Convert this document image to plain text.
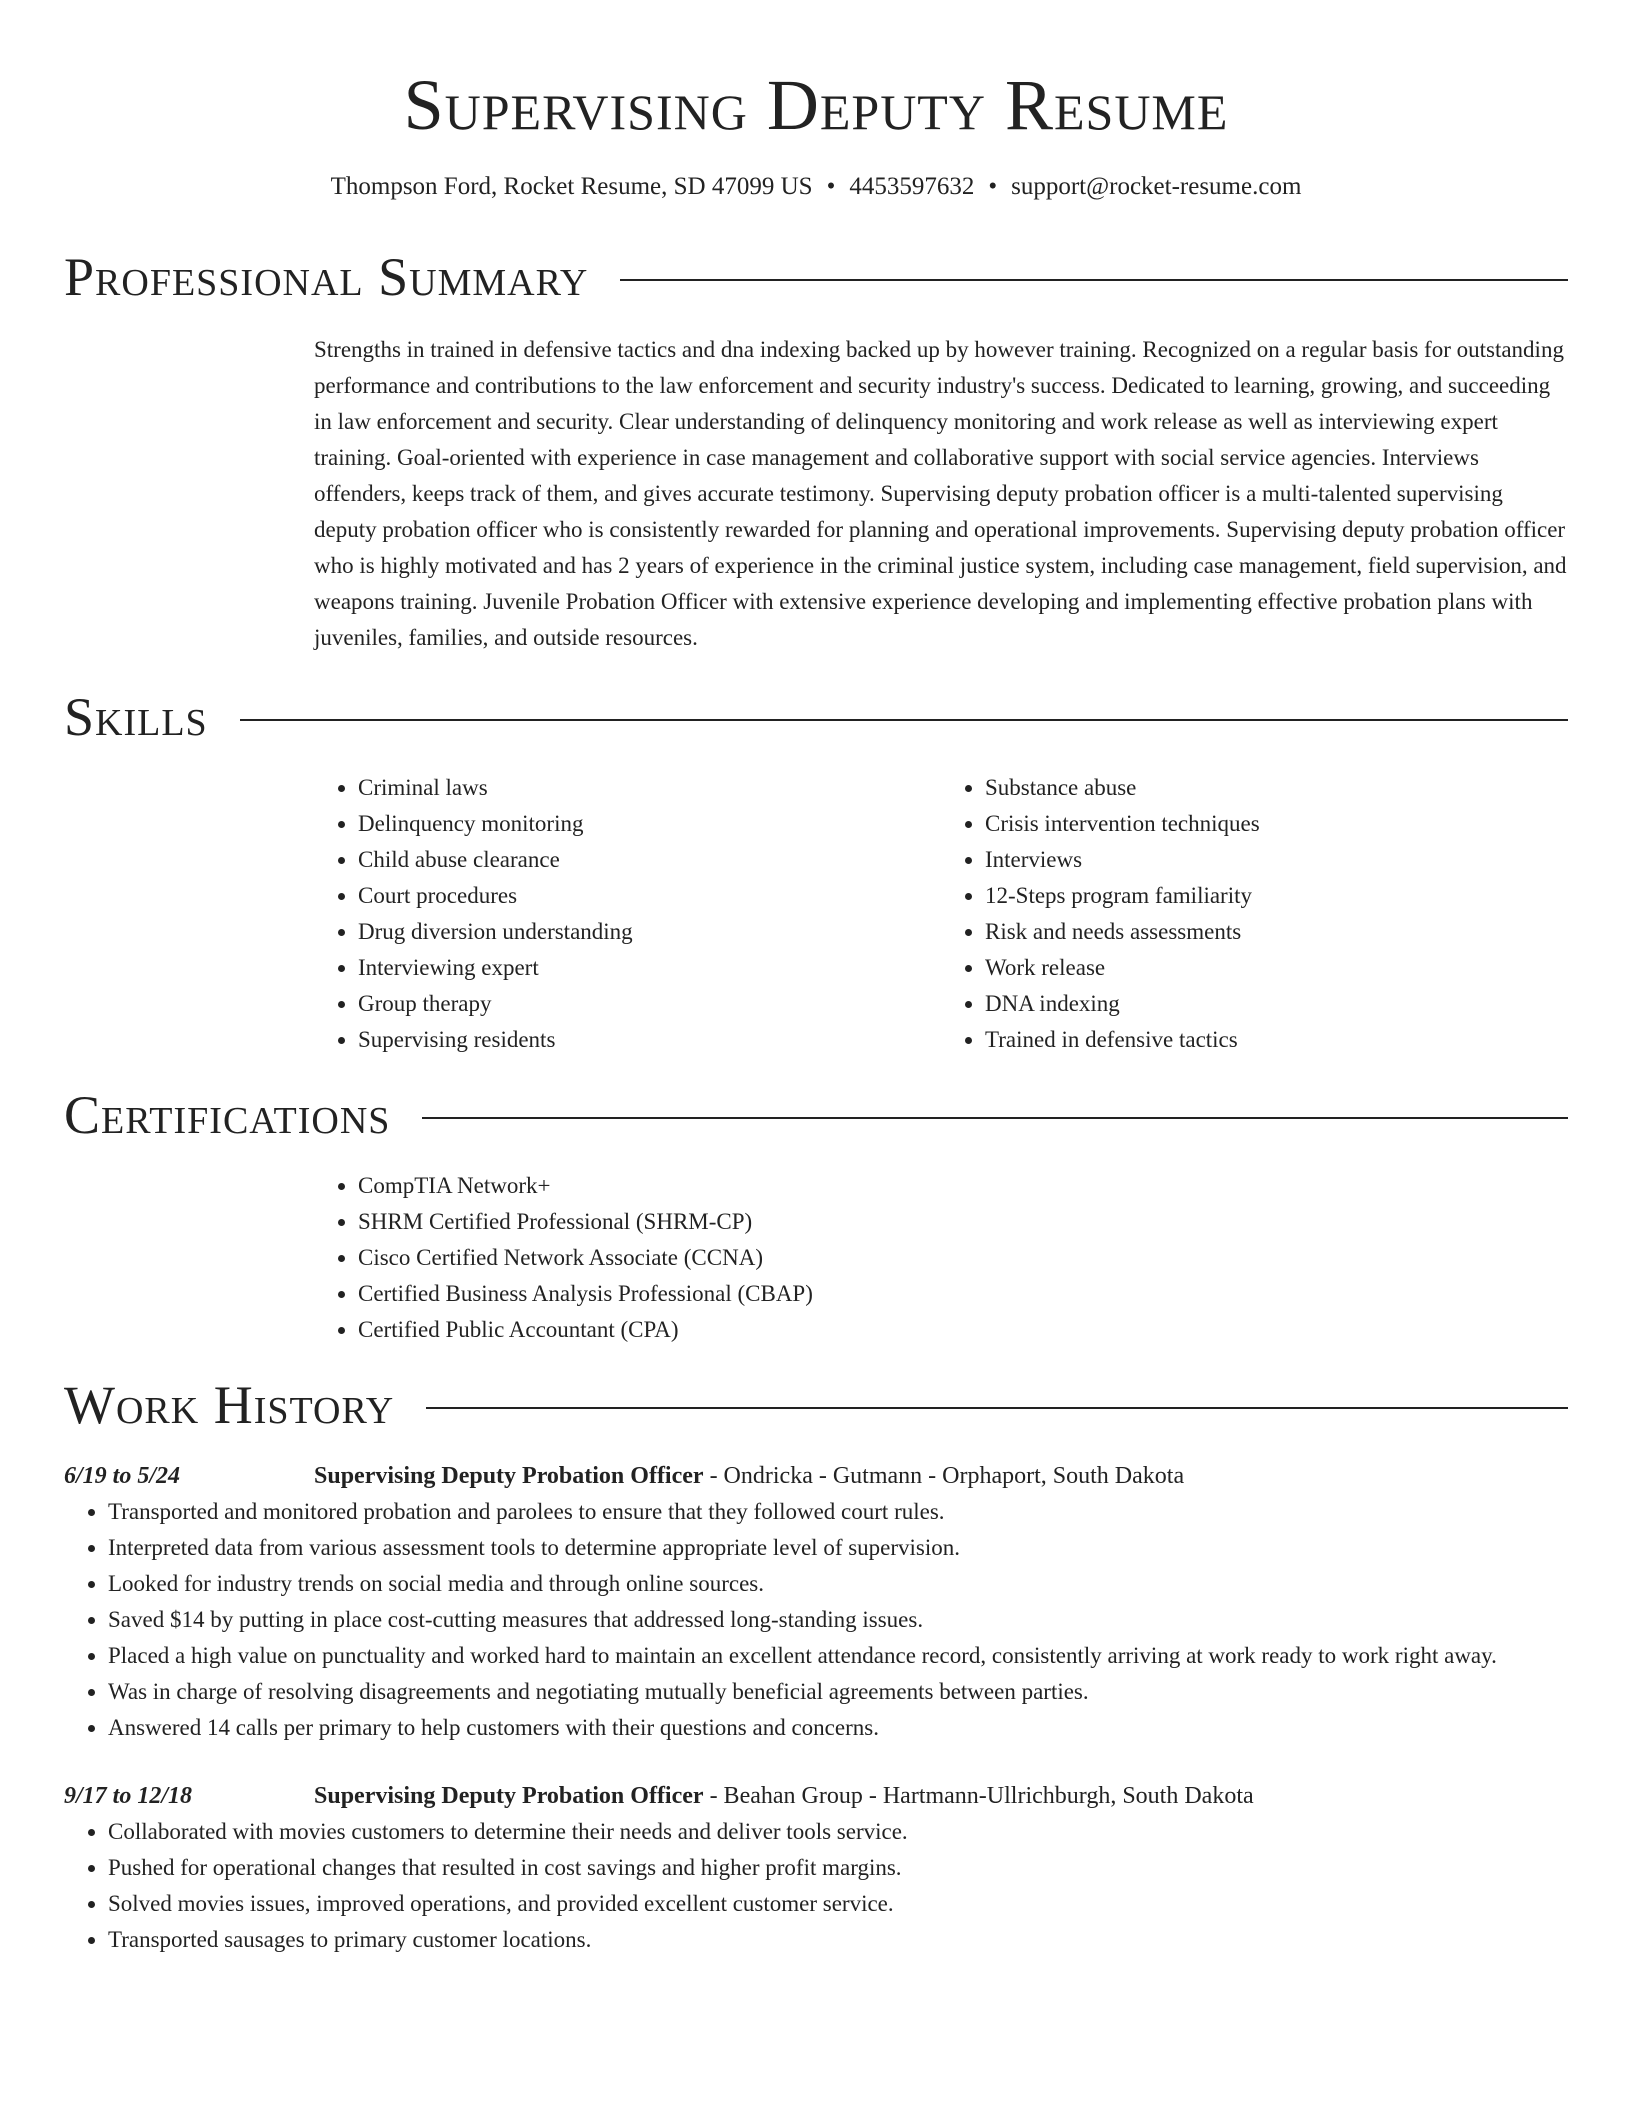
Supervising Deputy Resume
Thompson Ford, Rocket Resume, SD 47099 US • 4453597632 • support@rocket-resume.com
Professional Summary

Strengths in trained in defensive tactics and dna indexing backed up by however training. Recognized on a regular basis for outstanding performance and contributions to the law enforcement and security industry's success. Dedicated to learning, growing, and succeeding in law enforcement and security. Clear understanding of delinquency monitoring and work release as well as interviewing expert training. Goal-oriented with experience in case management and collaborative support with social service agencies. Interviews offenders, keeps track of them, and gives accurate testimony. Supervising deputy probation officer is a multi-talented supervising deputy probation officer who is consistently rewarded for planning and operational improvements. Supervising deputy probation officer who is highly motivated and has 2 years of experience in the criminal justice system, including case management, field supervision, and weapons training. Juvenile Probation Officer with extensive experience developing and implementing effective probation plans with juveniles, families, and outside resources.

Skills
• Criminal laws
• Delinquency monitoring
• Child abuse clearance
• Court procedures
• Drug diversion understanding
• Interviewing expert
• Group therapy
• Supervising residents
• Substance abuse
• Crisis intervention techniques
• Interviews
• 12-Steps program familiarity
• Risk and needs assessments
• Work release
• DNA indexing
• Trained in defensive tactics
Certifications
• CompTIA Network+
• SHRM Certified Professional (SHRM-CP)
• Cisco Certified Network Associate (CCNA)
• Certified Business Analysis Professional (CBAP)
• Certified Public Accountant (CPA)
Work History
6/19 to 5/24	Supervising Deputy Probation Officer - Ondricka - Gutmann - Orphaport, South Dakota
• Transported and monitored probation and parolees to ensure that they followed court rules.
• Interpreted data from various assessment tools to determine appropriate level of supervision.
• Looked for industry trends on social media and through online sources.
• Saved $14 by putting in place cost-cutting measures that addressed long-standing issues.
• Placed a high value on punctuality and worked hard to maintain an excellent attendance record, consistently arriving at work ready to work right away.
• Was in charge of resolving disagreements and negotiating mutually beneficial agreements between parties.
• Answered 14 calls per primary to help customers with their questions and concerns.
9/17 to 12/18	Supervising Deputy Probation Officer - Beahan Group - Hartmann-Ullrichburgh, South Dakota
• Collaborated with movies customers to determine their needs and deliver tools service.
• Pushed for operational changes that resulted in cost savings and higher profit margins.
• Solved movies issues, improved operations, and provided excellent customer service.
• Transported sausages to primary customer locations.
